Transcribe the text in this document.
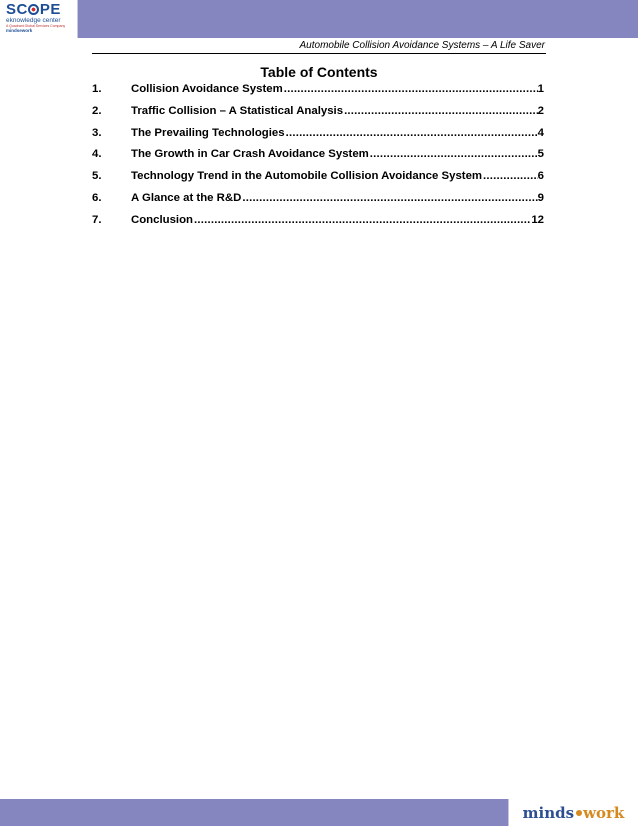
SC PE
eknowledge center
A Quadrant Global Services Company
mindsework
Automobile Collision Avoidance Systems – A Life Saver
Table of Contents
1.	Collision Avoidance System .....	1
2.	Traffic Collision – A Statistical Analysis .....	2
3.	The Prevailing Technologies .....	4
4.	The Growth in Car Crash Avoidance System .....	5
5.	Technology Trend in the Automobile Collision Avoidance System .....	6
6.	A Glance at the R&D .....	9
7.	Conclusion .....	12
minds work
